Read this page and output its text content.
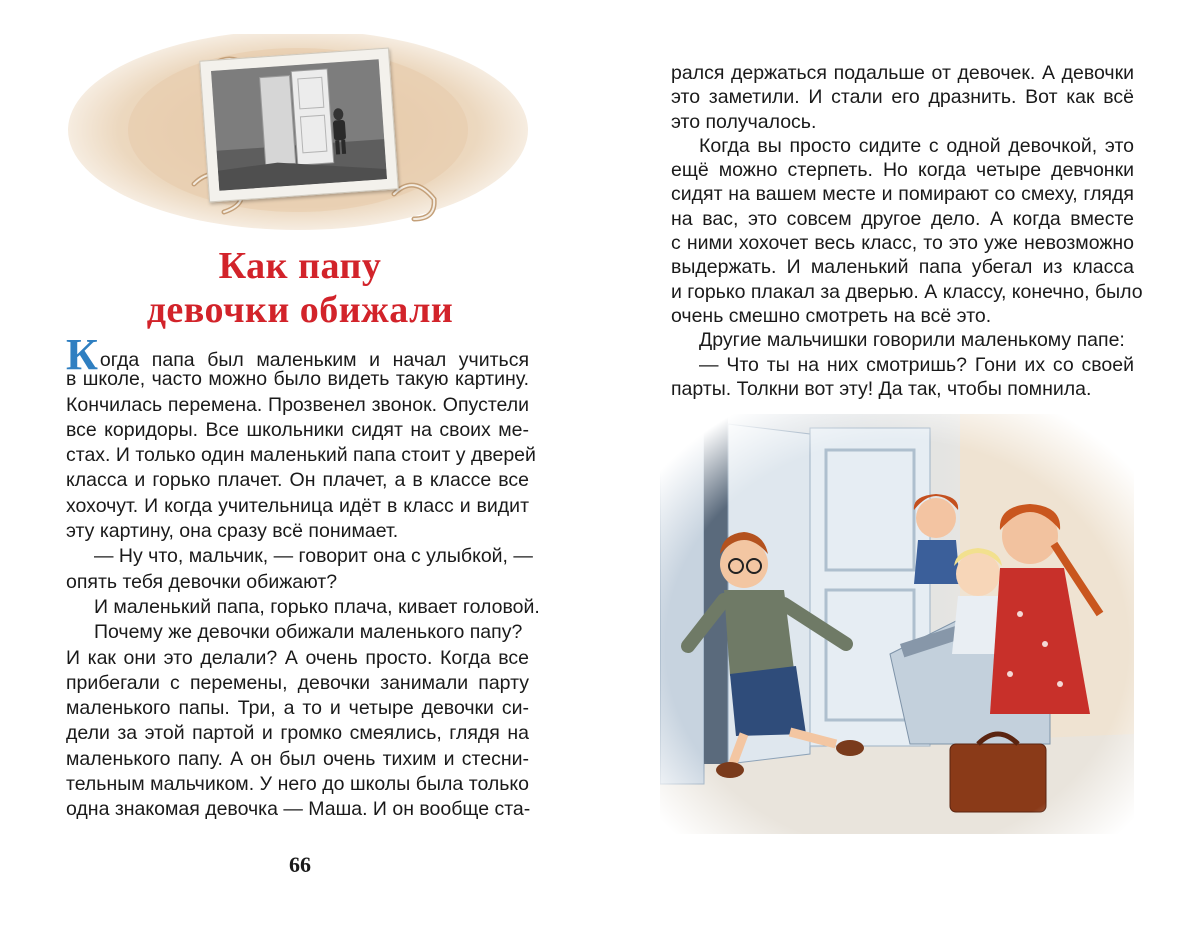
Как папу
девочки обижали
Когда папа был маленьким и начал учиться
в школе, часто можно было видеть такую картину.
Кончилась перемена. Прозвенел звонок. Опустели
все коридоры. Все школьники сидят на своих ме-
стах. И только один маленький папа стоит у дверей
класса и горько плачет. Он плачет, а в классе все
хохочут. И когда учительница идёт в класс и видит
эту картину, она сразу всё понимает.
— Ну что, мальчик, — говорит она с улыбкой, —
опять тебя девочки обижают?
И маленький папа, горько плача, кивает головой.
Почему же девочки обижали маленького папу?
И как они это делали? А очень просто. Когда все
прибегали с перемены, девочки занимали парту
маленького папы. Три, а то и четыре девочки си-
дели за этой партой и громко смеялись, глядя на
маленького папу. А он был очень тихим и стесни-
тельным мальчиком. У него до школы была только
одна знакомая девочка — Маша. И он вообще ста-
66
рался держаться подальше от девочек. А девочки
это заметили. И стали его дразнить. Вот как всё
это получалось.
Когда вы просто сидите с одной девочкой, это
ещё можно стерпеть. Но когда четыре девчонки
сидят на вашем месте и помирают со смеху, глядя
на вас, это совсем другое дело. А когда вместе
с ними хохочет весь класс, то это уже невозможно
выдержать. И маленький папа убегал из класса
и горько плакал за дверью. А классу, конечно, было
очень смешно смотреть на всё это.
Другие мальчишки говорили маленькому папе:
— Что ты на них смотришь? Гони их со своей
парты. Толкни вот эту! Да так, чтобы помнила.
